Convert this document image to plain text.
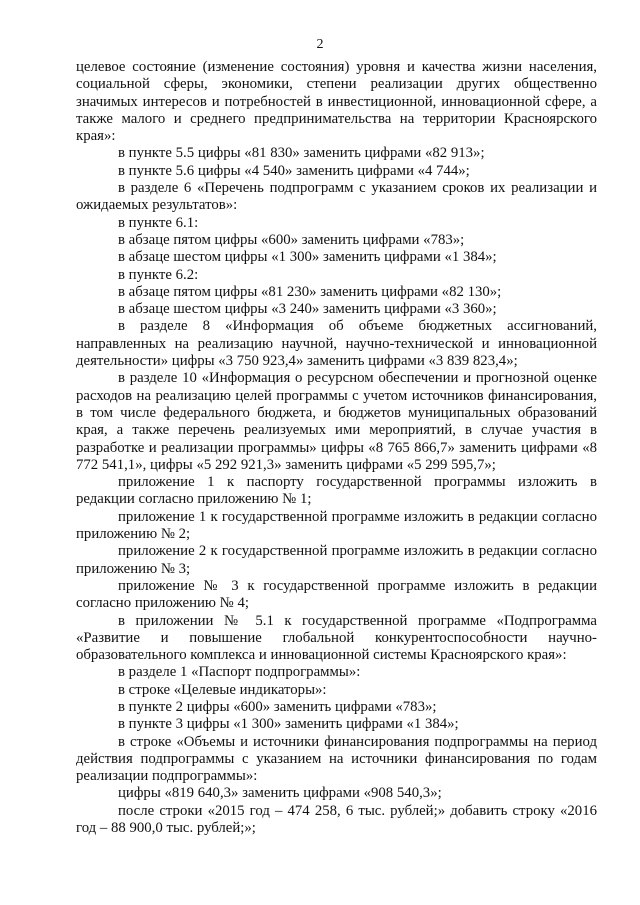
2

целевое состояние (изменение состояния) уровня и качества жизни населения, социальной сферы, экономики, степени реализации других общественно значимых интересов и потребностей в инвестиционной, инновационной сфере, а также малого и среднего предпринимательства на территории Красноярского края»:

в пункте 5.5 цифры «81 830» заменить цифрами «82 913»;

в пункте 5.6 цифры «4 540» заменить цифрами «4 744»;

в разделе 6 «Перечень подпрограмм с указанием сроков их реализации и ожидаемых результатов»:

в пункте 6.1:

в абзаце пятом цифры «600» заменить цифрами «783»;

в абзаце шестом цифры «1 300» заменить цифрами «1 384»;

в пункте 6.2:

в абзаце пятом цифры «81 230» заменить цифрами «82 130»;

в абзаце шестом цифры «3 240» заменить цифрами «3 360»;

в разделе 8 «Информация об объеме бюджетных ассигнований, направленных на реализацию научной, научно-технической и инновационной деятельности» цифры «3 750 923,4» заменить цифрами «3 839 823,4»;

в разделе 10 «Информация о ресурсном обеспечении и прогнозной оценке расходов на реализацию целей программы с учетом источников финансирования, в том числе федерального бюджета, и бюджетов муниципальных образований края, а также перечень реализуемых ими мероприятий, в случае участия в разработке и реализации программы» цифры «8 765 866,7» заменить цифрами «8 772 541,1», цифры «5 292 921,3» заменить цифрами «5 299 595,7»;

приложение 1 к паспорту государственной программы изложить в редакции согласно приложению № 1;

приложение 1 к государственной программе изложить в редакции согласно приложению № 2;

приложение 2 к государственной программе изложить в редакции согласно приложению № 3;

приложение № 3 к государственной программе изложить в редакции согласно приложению № 4;

в приложении № 5.1 к государственной программе «Подпрограмма «Развитие и повышение глобальной конкурентоспособности научно-образовательного комплекса и инновационной системы Красноярского края»:

в разделе 1 «Паспорт подпрограммы»:

в строке «Целевые индикаторы»:

в пункте 2 цифры «600» заменить цифрами «783»;

в пункте 3 цифры «1 300» заменить цифрами «1 384»;

в строке «Объемы и источники финансирования подпрограммы на период действия подпрограммы с указанием на источники финансирования по годам реализации подпрограммы»:

цифры «819 640,3» заменить цифрами «908 540,3»;

после строки «2015 год – 474 258, 6 тыс. рублей;» добавить строку «2016 год – 88 900,0 тыс. рублей;»;
